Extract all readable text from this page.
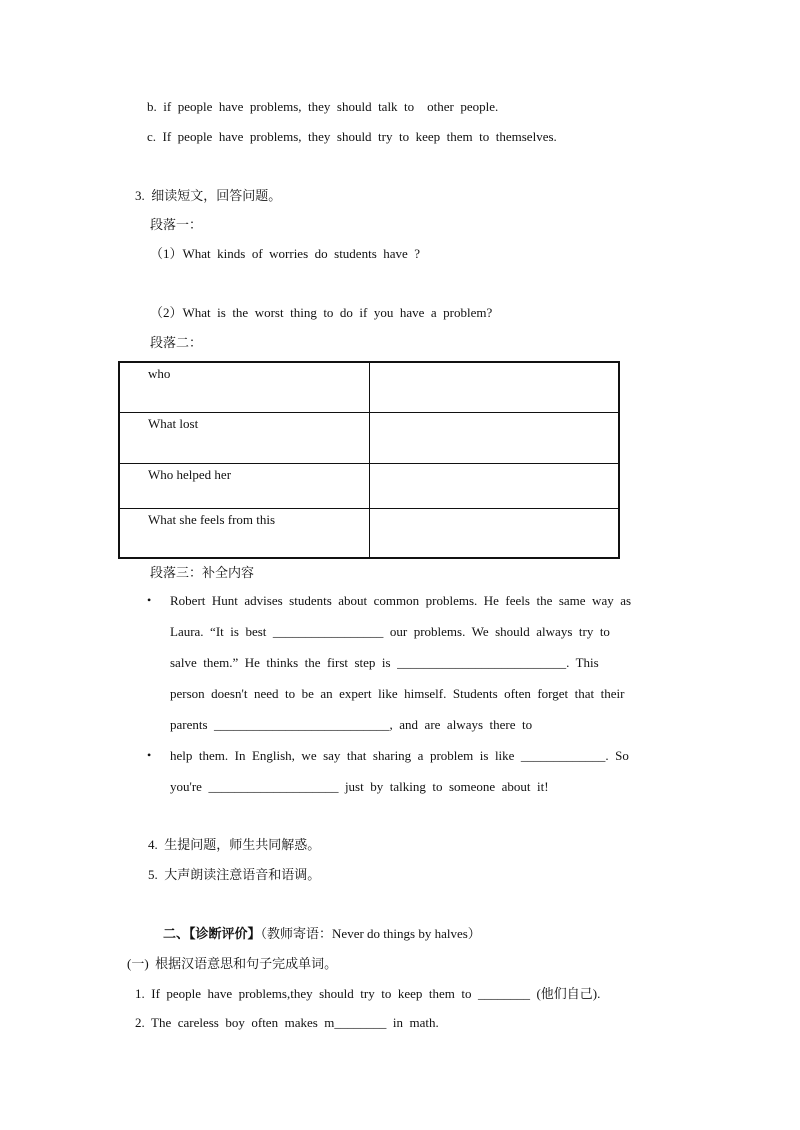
b.  if  people  have  problems,  they  should  talk  to    other  people.
c.  If  people  have  problems,  they  should  try  to  keep  them  to  themselves.
3.  细读短文，回答问题。
段落一：
（1）What  kinds  of  worries  do  students  have  ?
（2）What  is  the  worst  thing  to  do  if  you  have  a  problem?
段落二：
who	
What lost	
Who helped her	
What she feels from this	
段落三：补全内容
• Robert  Hunt  advises  students  about  common  problems.  He  feels  the  same  way  as
Laura.  “It  is  best  _________________  our  problems.  We  should  always  try  to
salve  them.”  He  thinks  the  first  step  is  __________________________.  This
person  doesn't  need  to  be  an  expert  like  himself.  Students  often  forget  that  their
parents  ___________________________,  and  are  always  there  to
• help  them.  In  English,  we  say  that  sharing  a  problem  is  like  _____________.  So
you're  ____________________  just  by  talking  to  someone  about  it!
4.  生提问题，师生共同解惑。
5.  大声朗读注意语音和语调。
二、【诊断评价】（教师寄语：Never do things by halves）
(一)  根据汉语意思和句子完成单词。
1.  If  people  have  problems,they  should  try  to  keep  them  to  ________  (他们自己).
2.  The  careless  boy  often  makes  m________  in  math.
